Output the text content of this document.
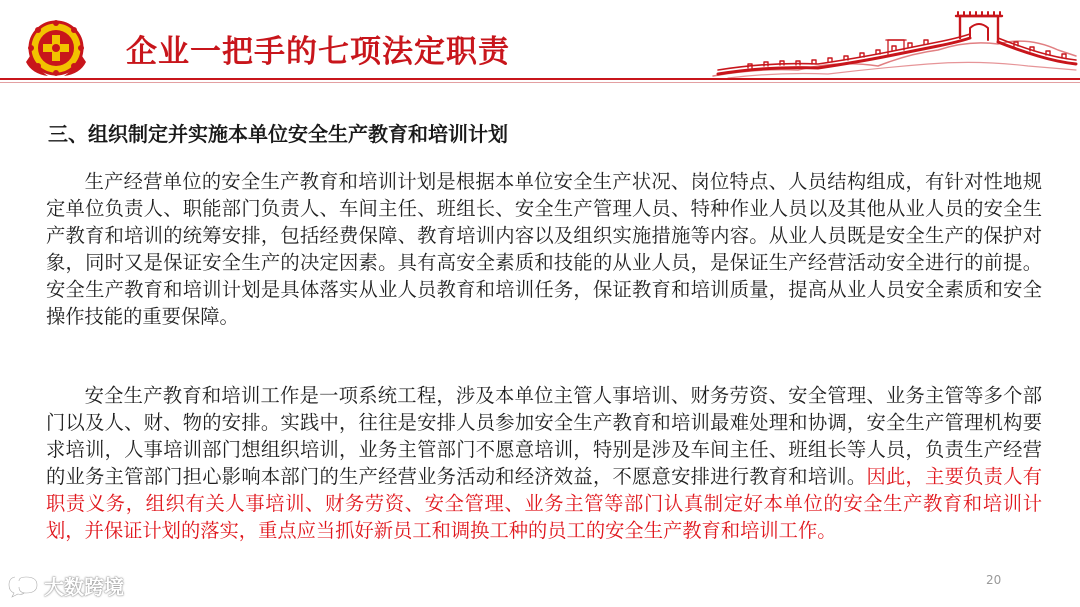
企业一把手的七项法定职责
三、组织制定并实施本单位安全生产教育和培训计划

生产经营单位的安全生产教育和培训计划是根据本单位安全生产状况、岗位特点、人员结构组成，有针对性地规定单位负责人、职能部门负责人、车间主任、班组长、安全生产管理人员、特种作业人员以及其他从业人员的安全生产教育和培训的统筹安排，包括经费保障、教育培训内容以及组织实施措施等内容。从业人员既是安全生产的保护对象，同时又是保证安全生产的决定因素。具有高安全素质和技能的从业人员，是保证生产经营活动安全进行的前提。安全生产教育和培训计划是具体落实从业人员教育和培训任务，保证教育和培训质量，提高从业人员安全素质和安全操作技能的重要保障。

安全生产教育和培训工作是一项系统工程，涉及本单位主管人事培训、财务劳资、安全管理、业务主管等多个部门以及人、财、物的安排。实践中，往往是安排人员参加安全生产教育和培训最难处理和协调，安全生产管理机构要求培训，人事培训部门想组织培训，业务主管部门不愿意培训，特别是涉及车间主任、班组长等人员，负责生产经营的业务主管部门担心影响本部门的生产经营业务活动和经济效益，不愿意安排进行教育和培训。因此，主要负责人有职责义务，组织有关人事培训、财务劳资、安全管理、业务主管等部门认真制定好本单位的安全生产教育和培训计划，并保证计划的落实，重点应当抓好新员工和调换工种的员工的安全生产教育和培训工作。

大数跨境	20
